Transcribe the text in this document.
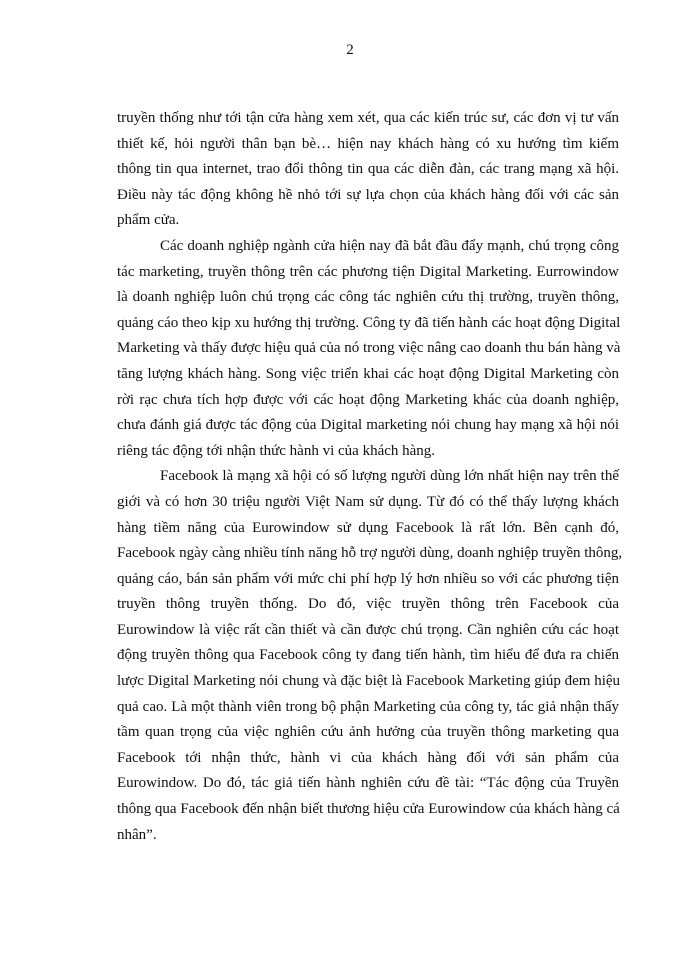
2

truyền thống như tới tận cửa hàng xem xét, qua các kiến trúc sư, các đơn vị tư vấn
thiết kế, hỏi người thân bạn bè… hiện nay khách hàng có xu hướng tìm kiếm
thông tin qua internet, trao đổi thông tin qua các diễn đàn, các trang mạng xã hội.
Điều này tác động không hề nhỏ tới sự lựa chọn của khách hàng đối với các sản
phẩm cửa.

Các doanh nghiệp ngành cửa hiện nay đã bắt đầu đẩy mạnh, chú trọng công
tác marketing, truyền thông trên các phương tiện Digital Marketing. Eurrowindow
là doanh nghiệp luôn chú trọng các công tác nghiên cứu thị trường, truyền thông,
quảng cáo theo kịp xu hướng thị trường. Công ty đã tiến hành các hoạt động Digital
Marketing và thấy được hiệu quả của nó trong việc nâng cao doanh thu bán hàng và
tăng lượng khách hàng. Song việc triển khai các hoạt động Digital Marketing còn
rời rạc chưa tích hợp được với các hoạt động Marketing khác của doanh nghiệp,
chưa đánh giá được tác động của Digital marketing nói chung hay mạng xã hội nói
riêng tác động tới nhận thức hành vi của khách hàng.

Facebook là mạng xã hội có số lượng người dùng lớn nhất hiện nay trên thế
giới và có hơn 30 triệu người Việt Nam sử dụng. Từ đó có thể thấy lượng khách
hàng tiềm năng của Eurowindow sử dụng Facebook là rất lớn. Bên cạnh đó,
Facebook ngày càng nhiều tính năng hỗ trợ người dùng, doanh nghiệp truyền thông,
quảng cáo, bán sản phẩm với mức chi phí hợp lý hơn nhiều so với các phương tiện
truyền thông truyền thống. Do đó, việc truyền thông trên Facebook của
Eurowindow là việc rất cần thiết và cần được chú trọng. Cần nghiên cứu các hoạt
động truyền thông qua Facebook công ty đang tiến hành, tìm hiểu để đưa ra chiến
lược Digital Marketing nói chung và đặc biệt là Facebook Marketing giúp đem hiệu
quả cao. Là một thành viên trong bộ phận Marketing của công ty, tác giả nhận thấy
tầm quan trọng của việc nghiên cứu ảnh hưởng của truyền thông marketing qua
Facebook tới nhận thức, hành vi của khách hàng đối với sản phẩm của
Eurowindow. Do đó, tác giả tiến hành nghiên cứu đề tài: “Tác động của Truyền
thông qua Facebook đến nhận biết thương hiệu cửa Eurowindow của khách hàng cá
nhân”.
